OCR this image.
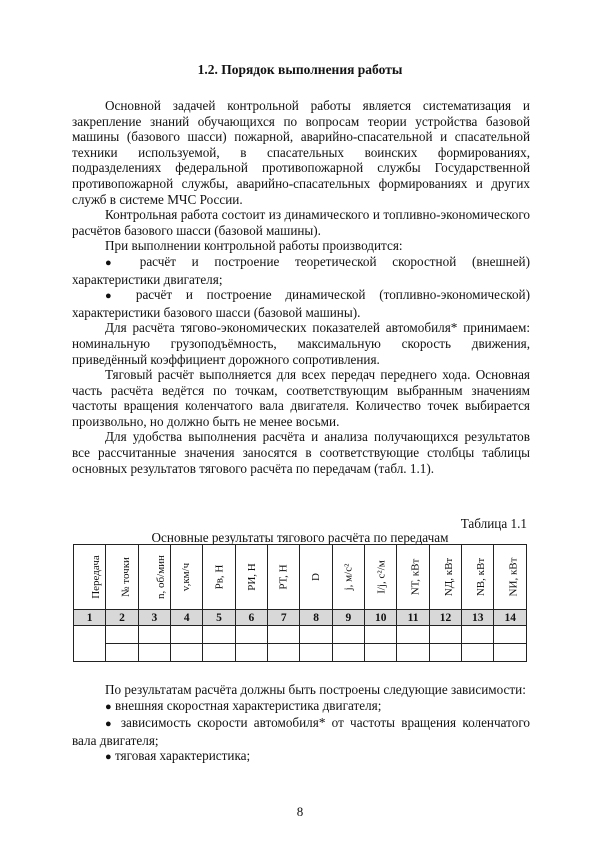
1.2. Порядок выполнения работы

Основной задачей контрольной работы является систематизация и закрепление знаний обучающихся по вопросам теории устройства базовой машины (базового шасси) пожарной, аварийно-спасательной и спасательной техники используемой, в спасательных воинских формированиях, подразделениях федеральной противопожарной службы Государственной противопожарной службы, аварийно-спасательных формированиях и других служб в системе МЧС России.

Контрольная работа состоит из динамического и топливно-экономического расчётов базового шасси (базовой машины).

При выполнении контрольной работы производится:

● расчёт и построение теоретической скоростной (внешней) характеристики двигателя;

● расчёт и построение динамической (топливно-экономической) характеристики базового шасси (базовой машины).

Для расчёта тягово-экономических показателей автомобиля* принимаем: номинальную грузоподъёмность, максимальную скорость движения, приведённый коэффициент дорожного сопротивления.

Тяговый расчёт выполняется для всех передач переднего хода. Основная часть расчёта ведётся по точкам, соответствующим выбранным значениям частоты вращения коленчатого вала двигателя. Количество точек выбирается произвольно, но должно быть не менее восьми.

Для удобства выполнения расчёта и анализа получающихся результатов все рассчитанные значения заносятся в соответствующие столбцы таблицы основных результатов тягового расчёта по передачам (табл. 1.1).

Таблица 1.1
Основные результаты тягового расчёта по передачам
Передача	№ точки	n, об/мин	v,км/ч	Pв, Н	PИ, Н	PТ, Н	D	j, м/с²	I/j, с²/м	NТ, кВт	NД, кВт	NВ, кВт	NИ, кВт
1	2	3	4	5	6	7	8	9	10	11	12	13	14

По результатам расчёта должны быть построены следующие зависимости:

● внешняя скоростная характеристика двигателя;

● зависимость скорости автомобиля* от частоты вращения коленчатого вала двигателя;

● тяговая характеристика;

8
